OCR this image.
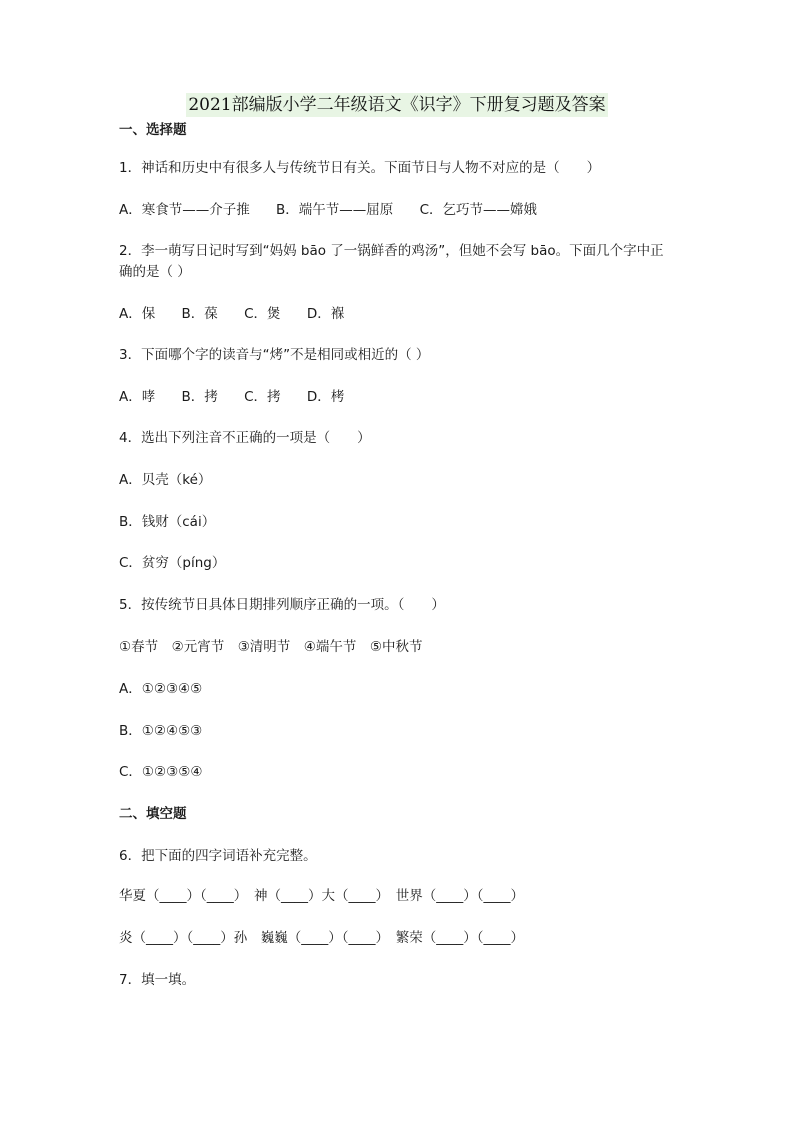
2021部编版小学二年级语文《识字》下册复习题及答案
一、选择题
1．神话和历史中有很多人与传统节日有关。下面节日与人物不对应的是（　　）
A．寒食节——介子推 B．端午节——屈原 C．乞巧节——嫦娥
2．李一萌写日记时写到“妈妈 bāo 了一锅鲜香的鸡汤”，但她不会写 bāo。下面几个字中正
确的是（ ）
A．保 B．葆 C．煲 D．褓
3．下面哪个字的读音与“烤”不是相同或相近的（ ）
A．哮 B．拷 C．拷 D．栲
4．选出下列注音不正确的一项是（　　）
A．贝壳（ké）
B．钱财（cái）
C．贫穷（píng）
5．按传统节日具体日期排列顺序正确的一项。（　　）
①春节　②元宵节　③清明节　④端午节　⑤中秋节
A．①②③④⑤
B．①②④⑤③
C．①②③⑤④
二、填空题
6．把下面的四字词语补充完整。
华夏（____）（____）　神（____）大（____）　世界（____）（____）
炎（____）（____）孙　巍巍（____）（____）　繁荣（____）（____）
7．填一填。
